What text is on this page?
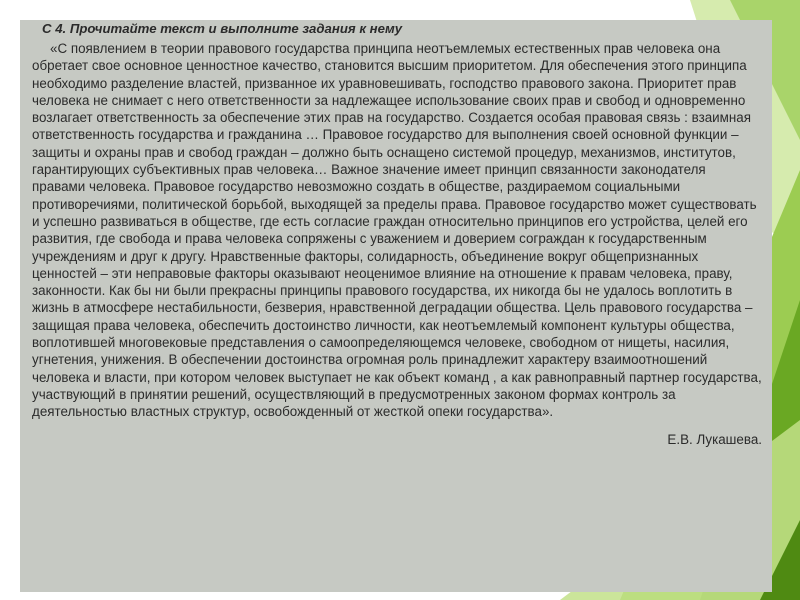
С 4. Прочитайте текст и выполните задания к нему

«С появлением в теории правового государства принципа неотъемлемых естественных прав человека она обретает свое основное ценностное качество, становится высшим приоритетом. Для обеспечения этого принципа необходимо разделение властей, призванное их уравновешивать, господство правового закона. Приоритет прав человека не снимает с него ответственности за надлежащее использование своих прав и свобод и одновременно возлагает ответственность за обеспечение этих прав на государство. Создается особая правовая связь : взаимная ответственность государства и гражданина … Правовое государство для выполнения своей основной функции – защиты и охраны прав и свобод граждан – должно быть оснащено системой процедур, механизмов, институтов, гарантирующих субъективных прав человека… Важное значение имеет принцип связанности законодателя правами человека. Правовое государство невозможно создать в обществе, раздираемом социальными противоречиями, политической борьбой, выходящей за пределы права. Правовое государство может существовать и успешно развиваться в обществе, где есть согласие граждан относительно принципов его устройства, целей его развития, где свобода и права человека сопряжены с уважением и доверием сограждан к государственным учреждениям и друг к другу. Нравственные факторы, солидарность, объединение вокруг общепризнанных ценностей – эти неправовые факторы оказывают неоценимое влияние на отношение к правам человека, праву, законности. Как бы ни были прекрасны принципы правового государства, их никогда бы не удалось воплотить в жизнь в атмосфере нестабильности, безверия, нравственной деградации общества. Цель правового государства – защищая права человека, обеспечить достоинство личности, как неотъемлемый компонент культуры общества, воплотившей многовековые представления о самоопределяющемся человеке, свободном от нищеты, насилия, угнетения, унижения. В обеспечении достоинства огромная роль принадлежит характеру взаимоотношений человека и власти, при котором человек выступает не как объект команд , а как равноправный партнер государства, участвующий в принятии решений, осуществляющий в предусмотренных законом формах контроль за деятельностью властных структур, освобожденный от жесткой опеки государства».

Е.В. Лукашева.
